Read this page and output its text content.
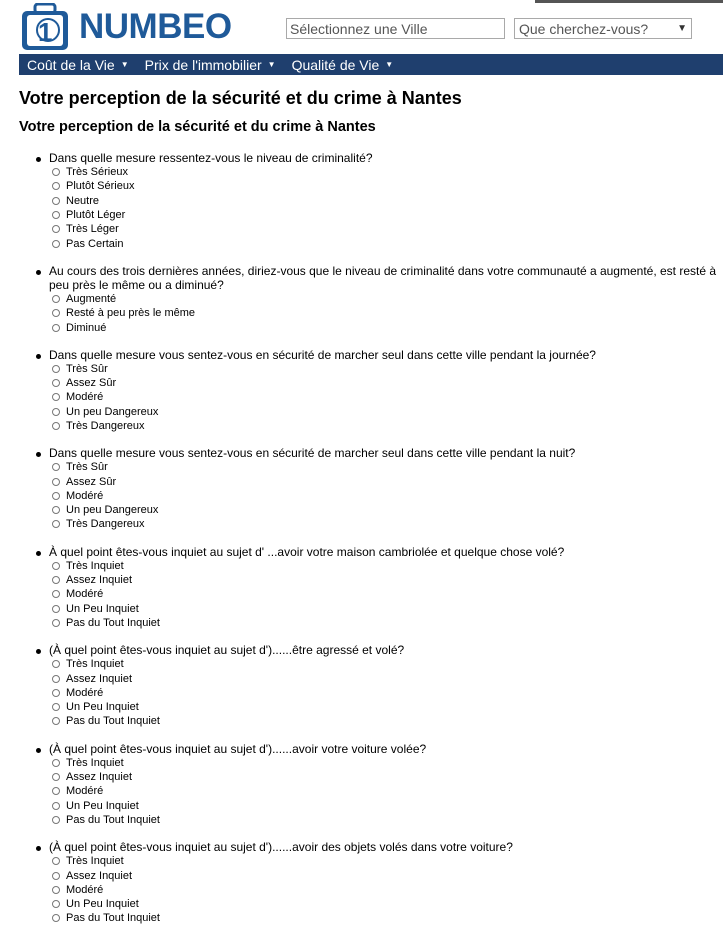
1 NUMBEO
Sélectionnez une Ville	Que cherchez-vous?	▼
Coût de la Vie ▼ Prix de l'immobilier ▼ Qualité de Vie ▼
Votre perception de la sécurité et du crime à Nantes
Votre perception de la sécurité et du crime à Nantes
Dans quelle mesure ressentez-vous le niveau de criminalité?
Très Sérieux
Plutôt Sérieux
Neutre
Plutôt Léger
Très Léger
Pas Certain
Au cours des trois dernières années, diriez-vous que le niveau de criminalité dans votre communauté a augmenté, est resté à peu près le même ou a diminué?
Augmenté
Resté à peu près le même
Diminué
Dans quelle mesure vous sentez-vous en sécurité de marcher seul dans cette ville pendant la journée?
Très Sûr
Assez Sûr
Modéré
Un peu Dangereux
Très Dangereux
Dans quelle mesure vous sentez-vous en sécurité de marcher seul dans cette ville pendant la nuit?
Très Sûr
Assez Sûr
Modéré
Un peu Dangereux
Très Dangereux
À quel point êtes-vous inquiet au sujet d' ...avoir votre maison cambriolée et quelque chose volé?
Très Inquiet
Assez Inquiet
Modéré
Un Peu Inquiet
Pas du Tout Inquiet
(À quel point êtes-vous inquiet au sujet d')......être agressé et volé?
Très Inquiet
Assez Inquiet
Modéré
Un Peu Inquiet
Pas du Tout Inquiet
(À quel point êtes-vous inquiet au sujet d')......avoir votre voiture volée?
Très Inquiet
Assez Inquiet
Modéré
Un Peu Inquiet
Pas du Tout Inquiet
(À quel point êtes-vous inquiet au sujet d')......avoir des objets volés dans votre voiture?
Très Inquiet
Assez Inquiet
Modéré
Un Peu Inquiet
Pas du Tout Inquiet
